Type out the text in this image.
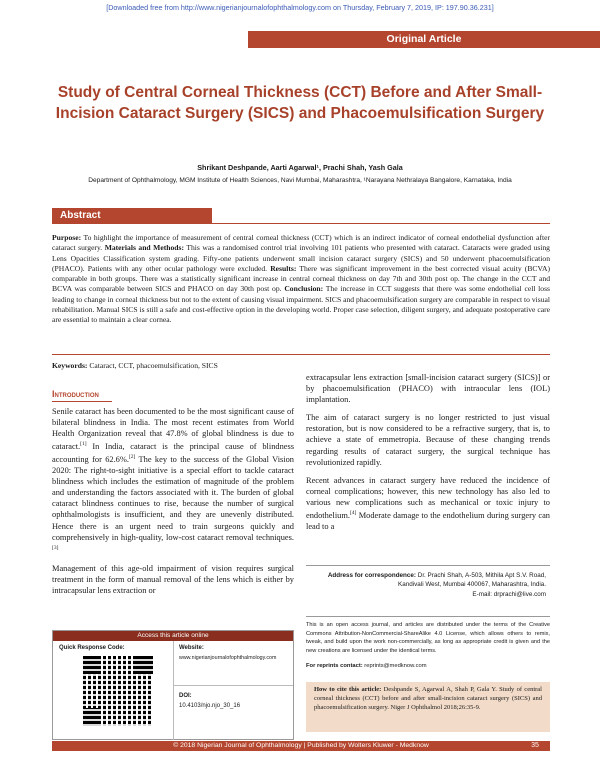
[Downloaded free from http://www.nigerianjournalofophthalmology.com on Thursday, February 7, 2019, IP: 197.90.36.231]
Original Article
Study of Central Corneal Thickness (CCT) Before and After Small-Incision Cataract Surgery (SICS) and Phacoemulsification Surgery
Shrikant Deshpande, Aarti Agarwal¹, Prachi Shah, Yash Gala
Department of Ophthalmology, MGM Institute of Health Sciences, Navi Mumbai, Maharashtra, ¹Narayana Nethralaya Bangalore, Karnataka, India
Abstract
Purpose: To highlight the importance of measurement of central corneal thickness (CCT) which is an indirect indicator of corneal endothelial dysfunction after cataract surgery. Materials and Methods: This was a randomised control trial involving 101 patients who presented with cataract. Cataracts were graded using Lens Opacities Classification system grading. Fifty-one patients underwent small incision cataract surgery (SICS) and 50 underwent phacoemulsification (PHACO). Patients with any other ocular pathology were excluded. Results: There was significant improvement in the best corrected visual acuity (BCVA) comparable in both groups. There was a statistically significant increase in central corneal thickness on day 7th and 30th post op. The change in the CCT and BCVA was comparable between SICS and PHACO on day 30th post op. Conclusion: The increase in CCT suggests that there was some endothelial cell loss leading to change in corneal thickness but not to the extent of causing visual impairment. SICS and phacoemulsification surgery are comparable in respect to visual rehabilitation. Manual SICS is still a safe and cost-effective option in the developing world. Proper case selection, diligent surgery, and adequate postoperative care are essential to maintain a clear cornea.
Keywords: Cataract, CCT, phacoemulsification, SICS
Introduction

Senile cataract has been documented to be the most significant cause of bilateral blindness in India. The most recent estimates from World Health Organization reveal that 47.8% of global blindness is due to cataract.[1] In India, cataract is the principal cause of blindness accounting for 62.6%.[2] The key to the success of the Global Vision 2020: The right-to-sight initiative is a special effort to tackle cataract blindness which includes the estimation of magnitude of the problem and understanding the factors associated with it. The burden of global cataract blindness continues to rise, because the number of surgical ophthalmologists is insufficient, and they are unevenly distributed. Hence there is an urgent need to train surgeons quickly and comprehensively in high-quality, low-cost cataract removal techniques.[3]

Management of this age-old impairment of vision requires surgical treatment in the form of manual removal of the lens which is either by intracapsular lens extraction or

extracapsular lens extraction [small-incision cataract surgery (SICS)] or by phacoemulsification (PHACO) with intraocular lens (IOL) implantation.

The aim of cataract surgery is no longer restricted to just visual restoration, but is now considered to be a refractive surgery, that is, to achieve a state of emmetropia. Because of these changing trends regarding results of cataract surgery, the surgical technique has revolutionized rapidly.

Recent advances in cataract surgery have reduced the incidence of corneal complications; however, this new technology has also led to various new complications such as mechanical or toxic injury to endothelium.[4] Moderate damage to the endothelium during surgery can lead to a

Access this article online
Quick Response Code:	Website:
www.nigerianjournalofophthalmology.com
DOI:
10.4103/njo.njo_30_16
Address for correspondence: Dr. Prachi Shah, A-503, Mithila Apt S.V. Road,
Kandivali West, Mumbai 400067, Maharashtra, India.
E-mail: drprachi@live.com
This is an open access journal, and articles are distributed under the terms of the Creative Commons Attribution-NonCommercial-ShareAlike 4.0 License, which allows others to remix, tweak, and build upon the work non-commercially, as long as appropriate credit is given and the new creations are licensed under the identical terms.
For reprints contact: reprints@medknow.com
How to cite this article: Deshpande S, Agarwal A, Shah P, Gala Y. Study of central corneal thickness (CCT) before and after small-incision cataract surgery (SICS) and phacoemulsification surgery. Niger J Ophthalmol 2018;26:35-9.
© 2018 Nigerian Journal of Ophthalmology | Published by Wolters Kluwer - Medknow	35
